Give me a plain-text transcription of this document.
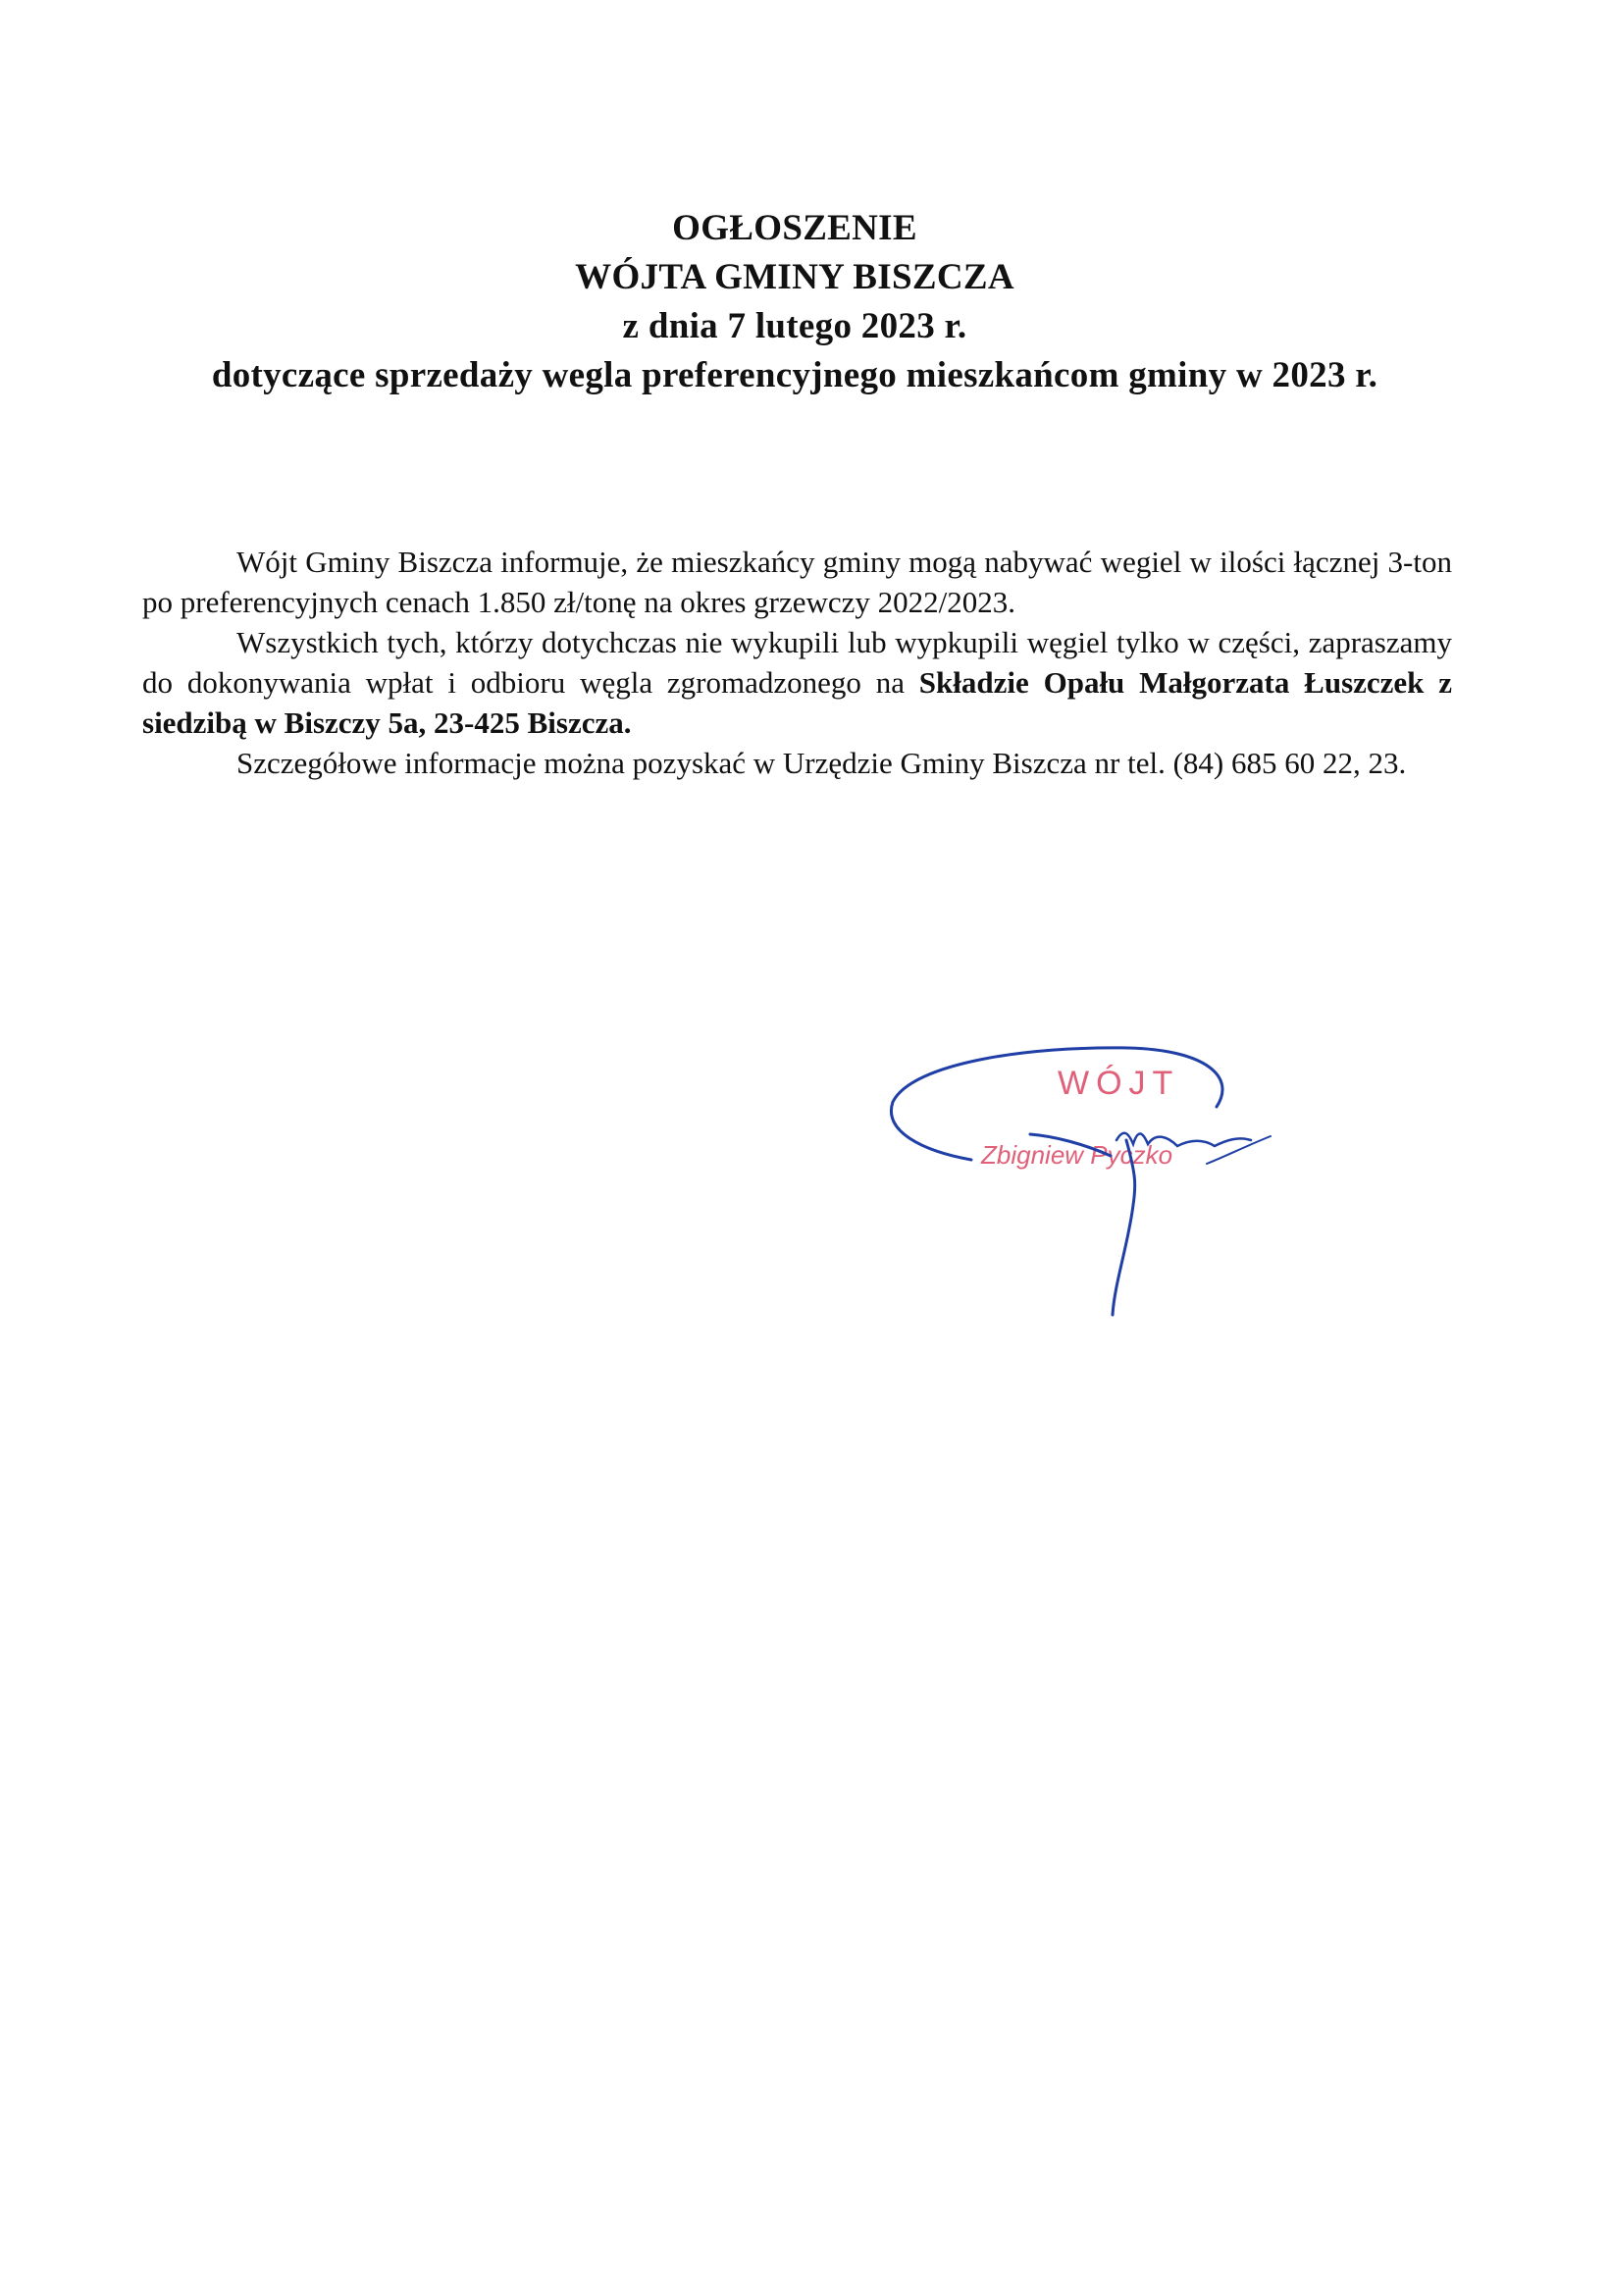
OGŁOSZENIE
WÓJTA GMINY BISZCZA
z dnia 7 lutego 2023 r.
dotyczące sprzedaży wegla preferencyjnego mieszkańcom gminy w 2023 r.

Wójt Gminy Biszcza informuje, że mieszkańcy gminy mogą nabywać wegiel w ilości łącznej 3-ton po preferencyjnych cenach 1.850 zł/tonę na okres grzewczy 2022/2023.

Wszystkich tych, którzy dotychczas nie wykupili lub wypkupili węgiel tylko w części, zapraszamy do dokonywania wpłat i odbioru węgla zgromadzonego na Składzie Opału Małgorzata Łuszczek z siedzibą w Biszczy 5a, 23-425 Biszcza.

Szczegółowe informacje można pozyskać w Urzędzie Gminy Biszcza nr tel. (84) 685 60 22, 23.

WÓJT
Zbigniew Pyczko
